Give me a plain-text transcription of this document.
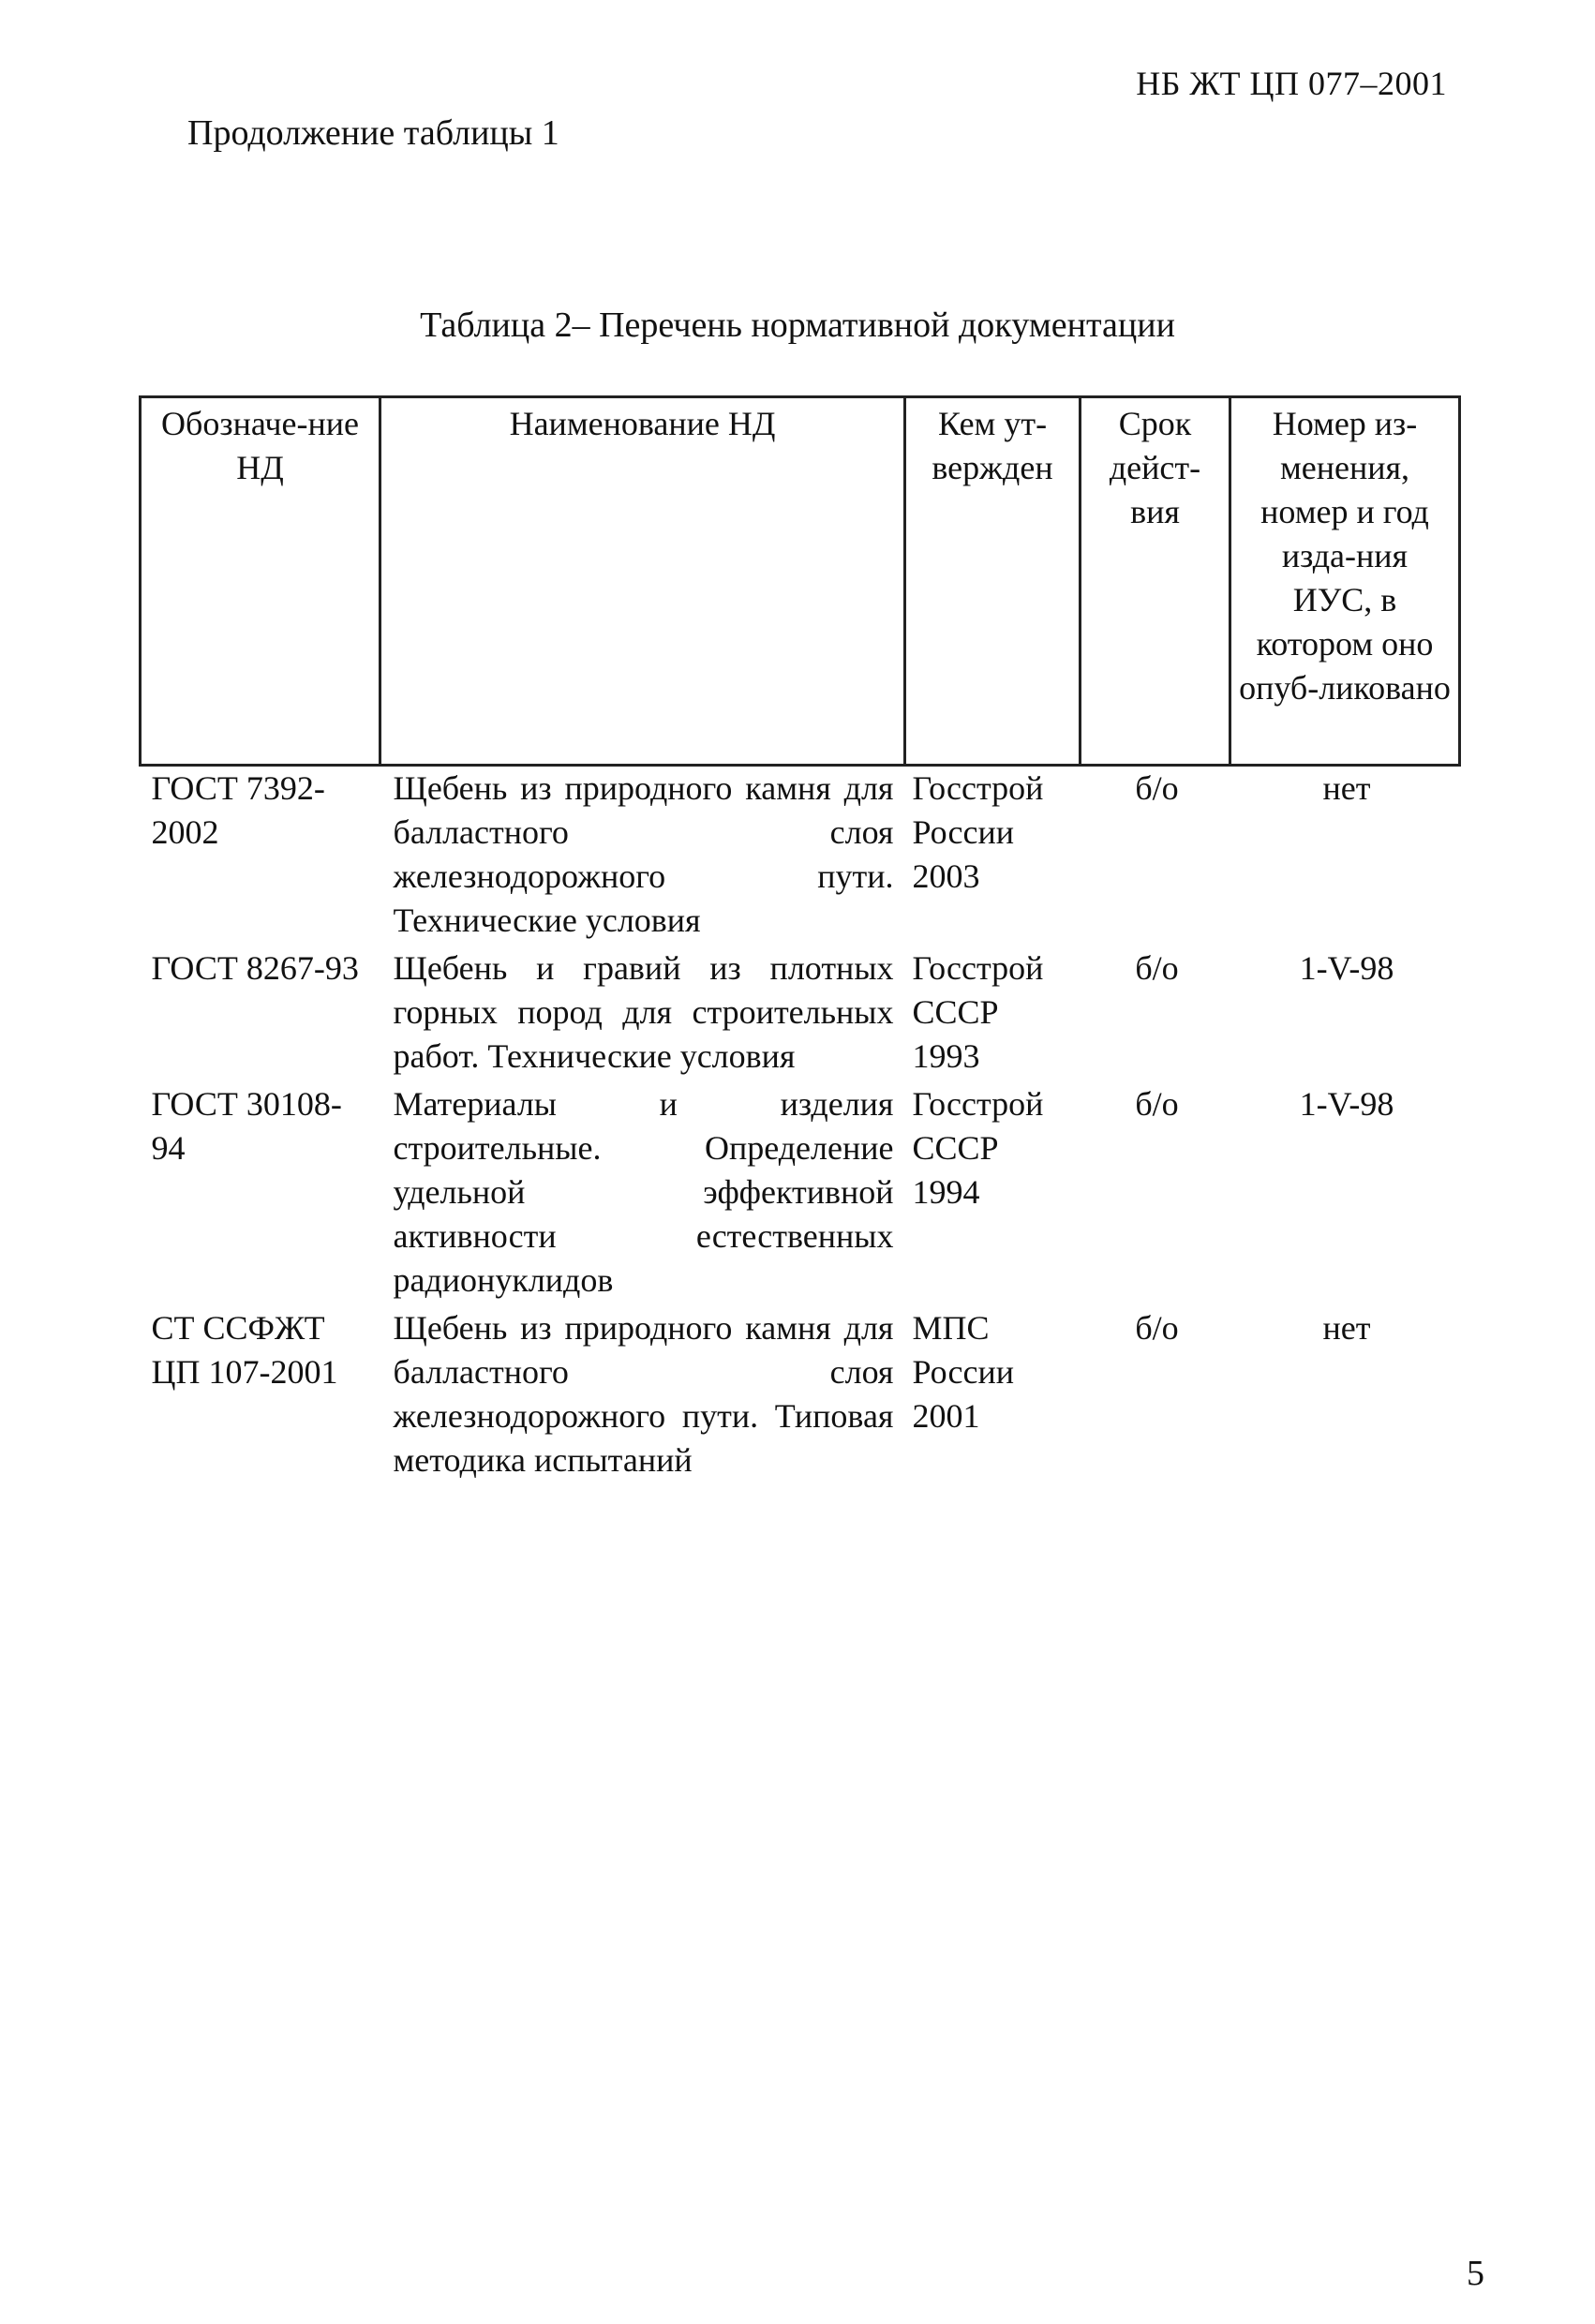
НБ ЖТ ЦП 077–2001
Продолжение таблицы 1
Таблица 2– Перечень нормативной документации
Обозначе-ние НД	Наименование НД	Кем ут-верждeн	Срок дейст-вия	Номер из-менения, номер и год изда-ния ИУС, в котором оно опуб-ликовано
ГОСТ 7392-2002	Щебень из природного камня для балластного слоя железнодорожного пути. Технические условия	Госстрой России 2003	б/о	нет
ГОСТ 8267-93	Щебень и гравий из плотных горных пород для строительных работ. Технические условия	Госстрой СССР 1993	б/о	1-V-98
ГОСТ 30108-94	Материалы и изделия строительные. Определение удельной эффективной активности естественных радионуклидов	Госстрой СССР 1994	б/о	1-V-98
СТ ССФЖТ ЦП 107-2001	Щебень из природного камня для балластного слоя железнодорожного пути. Типовая методика испытаний	МПС России 2001	б/о	нет
5
